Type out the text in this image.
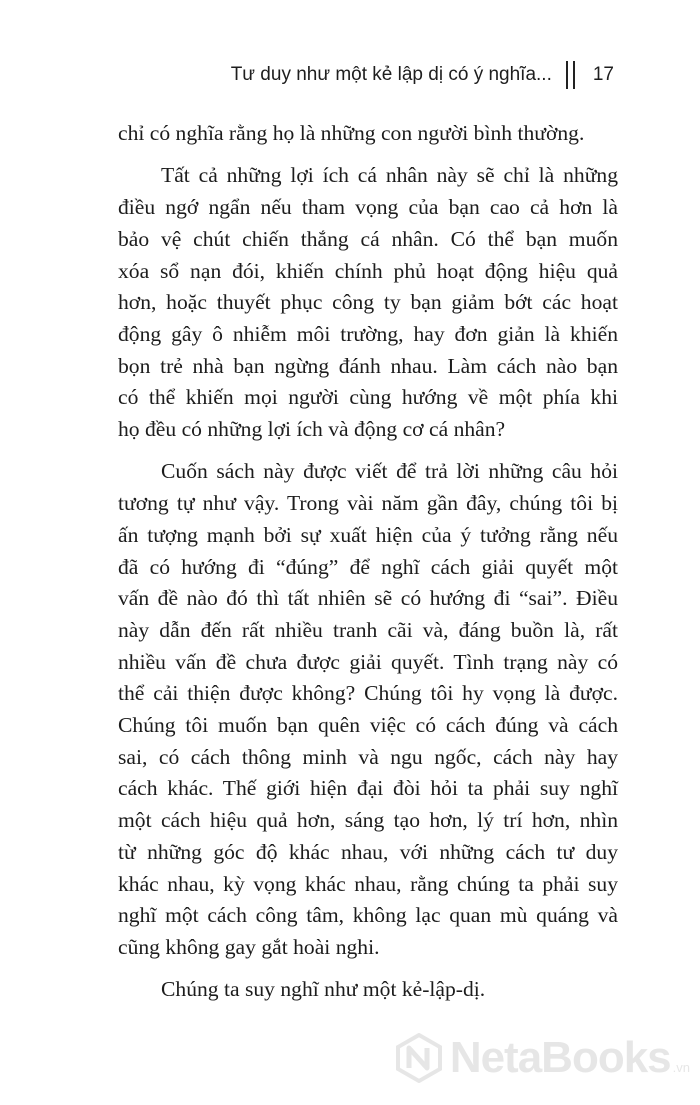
Tư duy như một kẻ lập dị có ý nghĩa... 17

chỉ có nghĩa rằng họ là những con người bình thường.

Tất cả những lợi ích cá nhân này sẽ chỉ là những
điều ngớ ngẩn nếu tham vọng của bạn cao cả hơn là
bảo vệ chút chiến thắng cá nhân. Có thể bạn muốn
xóa sổ nạn đói, khiến chính phủ hoạt động hiệu quả
hơn, hoặc thuyết phục công ty bạn giảm bớt các hoạt
động gây ô nhiễm môi trường, hay đơn giản là khiến
bọn trẻ nhà bạn ngừng đánh nhau. Làm cách nào bạn
có thể khiến mọi người cùng hướng về một phía khi
họ đều có những lợi ích và động cơ cá nhân?

Cuốn sách này được viết để trả lời những câu hỏi
tương tự như vậy. Trong vài năm gần đây, chúng tôi bị
ấn tượng mạnh bởi sự xuất hiện của ý tưởng rằng nếu
đã có hướng đi “đúng” để nghĩ cách giải quyết một
vấn đề nào đó thì tất nhiên sẽ có hướng đi “sai”. Điều
này dẫn đến rất nhiều tranh cãi và, đáng buồn là, rất
nhiều vấn đề chưa được giải quyết. Tình trạng này có
thể cải thiện được không? Chúng tôi hy vọng là được.
Chúng tôi muốn bạn quên việc có cách đúng và cách
sai, có cách thông minh và ngu ngốc, cách này hay
cách khác. Thế giới hiện đại đòi hỏi ta phải suy nghĩ
một cách hiệu quả hơn, sáng tạo hơn, lý trí hơn, nhìn
từ những góc độ khác nhau, với những cách tư duy
khác nhau, kỳ vọng khác nhau, rằng chúng ta phải suy
nghĩ một cách công tâm, không lạc quan mù quáng và
cũng không gay gắt hoài nghi.

Chúng ta suy nghĩ như một kẻ-lập-dị.

NetaBooks .vn
